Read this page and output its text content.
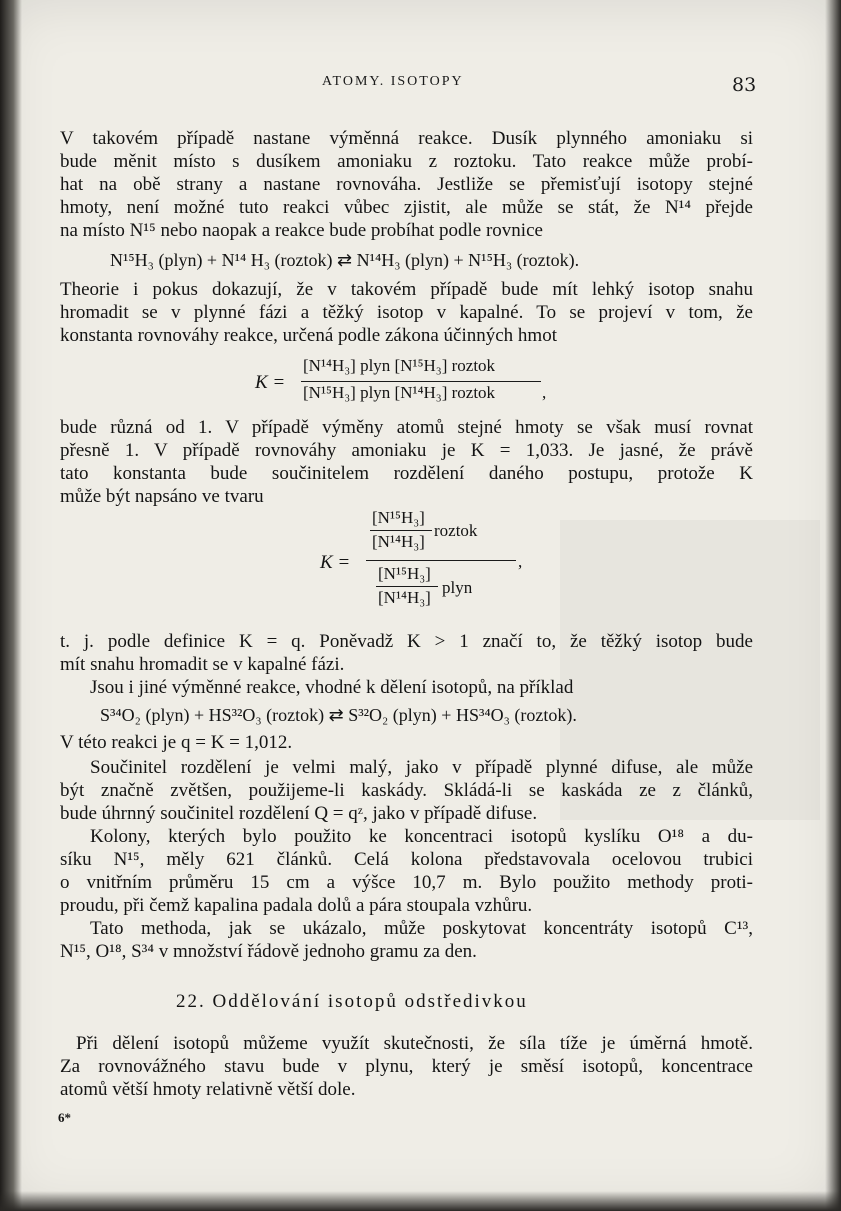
ATOMY. ISOTOPY	83
V takovém případě nastane výměnná reakce. Dusík plynného amoniaku si
bude měnit místo s dusíkem amoniaku z roztoku. Tato reakce může probí-
hat na obě strany a nastane rovnováha. Jestliže se přemisťují isotopy stejné
hmoty, není možné tuto reakci vůbec zjistit, ale může se stát, že N¹⁴ přejde
na místo N¹⁵ nebo naopak a reakce bude probíhat podle rovnice
N¹⁵H₃ (plyn) + N¹⁴ H₃ (roztok) ⇄ N¹⁴H₃ (plyn) + N¹⁵H₃ (roztok).
Theorie i pokus dokazují, že v takovém případě bude mít lehký isotop snahu
hromadit se v plynné fázi a těžký isotop v kapalné. To se projeví v tom, že
konstanta rovnováhy reakce, určená podle zákona účinných hmot
K =
[N¹⁴H₃] plyn [N¹⁵H₃] roztok
[N¹⁵H₃] plyn [N¹⁴H₃] roztok	,
bude různá od 1. V případě výměny atomů stejné hmoty se však musí rovnat
přesně 1. V případě rovnováhy amoniaku je K = 1,033. Je jasné, že právě
tato konstanta bude součinitelem rozdělení daného postupu, protože K
může být napsáno ve tvaru
K =
[N¹⁵H₃]
[N¹⁴H₃]
roztok
,
[N¹⁵H₃]
[N¹⁴H₃]
plyn
t. j. podle definice K = q. Poněvadž K > 1 značí to, že těžký isotop bude
mít snahu hromadit se v kapalné fázi.
Jsou i jiné výměnné reakce, vhodné k dělení isotopů, na příklad
S³⁴O₂ (plyn) + HS³²O₃ (roztok) ⇄ S³²O₂ (plyn) + HS³⁴O₃ (roztok).
V této reakci je q = K = 1,012.
Součinitel rozdělení je velmi malý, jako v případě plynné difuse, ale může
být značně zvětšen, použijeme-li kaskády. Skládá-li se kaskáda ze z článků,
bude úhrnný součinitel rozdělení Q = qᶻ, jako v případě difuse.
Kolony, kterých bylo použito ke koncentraci isotopů kyslíku O¹⁸ a du-
síku N¹⁵, měly 621 článků. Celá kolona představovala ocelovou trubici
o vnitřním průměru 15 cm a výšce 10,7 m. Bylo použito methody proti-
proudu, při čemž kapalina padala dolů a pára stoupala vzhůru.
Tato methoda, jak se ukázalo, může poskytovat koncentráty isotopů C¹³,
N¹⁵, O¹⁸, S³⁴ v množství řádově jednoho gramu za den.
22. Oddělování isotopů odstředivkou
Při dělení isotopů můžeme využít skutečnosti, že síla tíže je úměrná hmotě.
Za rovnovážného stavu bude v plynu, který je směsí isotopů, koncentrace
atomů větší hmoty relativně větší dole.
6*
